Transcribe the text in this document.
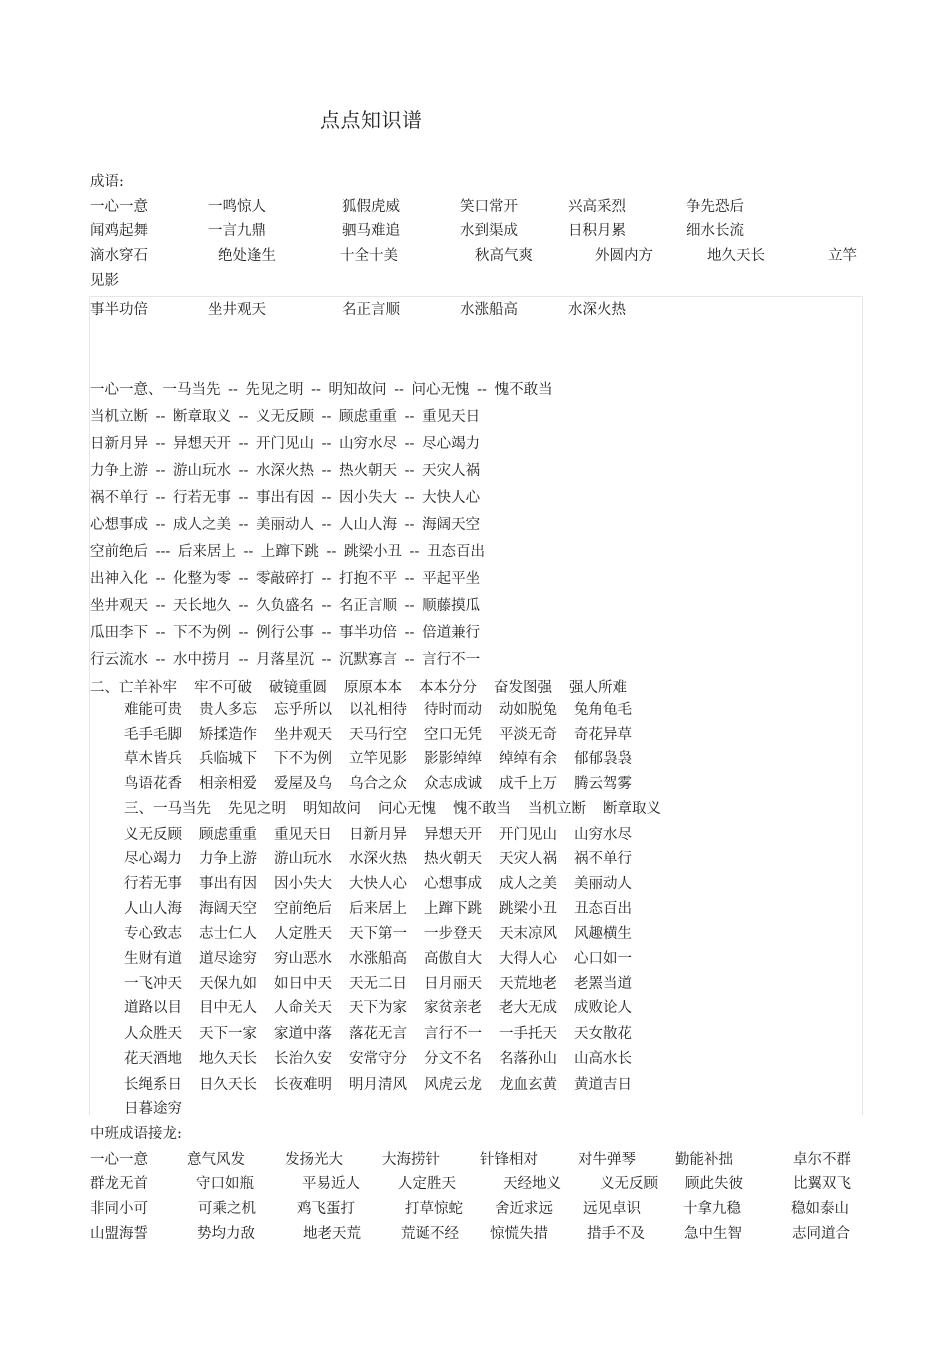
点点知识谱
成语:
一心一意	一鸣惊人	狐假虎威	笑口常开	兴高采烈	争先恐后
闻鸡起舞	一言九鼎	驷马难追	水到渠成	日积月累	细水长流
滴水穿石	绝处逢生	十全十美	秋高气爽	外圆内方	地久天长	立竿
见影
事半功倍	坐井观天	名正言顺	水涨船高	水深火热
一心一意、一马当先 -- 先见之明 -- 明知故问 -- 问心无愧 -- 愧不敢当
当机立断 -- 断章取义 -- 义无反顾 -- 顾虑重重 -- 重见天日
日新月异 -- 异想天开 -- 开门见山 -- 山穷水尽 -- 尽心竭力
力争上游 -- 游山玩水 -- 水深火热 -- 热火朝天 -- 天灾人祸
祸不单行 -- 行若无事 -- 事出有因 -- 因小失大 -- 大快人心
心想事成 -- 成人之美 -- 美丽动人 -- 人山人海 -- 海阔天空
空前绝后 --- 后来居上 -- 上蹿下跳 -- 跳梁小丑 -- 丑态百出
出神入化 -- 化整为零 -- 零敲碎打 -- 打抱不平 -- 平起平坐
坐井观天 -- 天长地久 -- 久负盛名 -- 名正言顺 -- 顺藤摸瓜
瓜田李下 -- 下不为例 -- 例行公事 -- 事半功倍 -- 倍道兼行
行云流水 -- 水中捞月 -- 月落星沉 -- 沉默寡言 -- 言行不一
二、亡羊补牢 牢不可破 破镜重圆 原原本本 本本分分 奋发图强 强人所难
难能可贵 贵人多忘 忘乎所以 以礼相待 待时而动 动如脱兔 兔角龟毛
毛手毛脚 矫揉造作 坐井观天 天马行空 空口无凭 平淡无奇 奇花异草
草木皆兵 兵临城下 下不为例 立竿见影 影影绰绰 绰绰有余 郁郁袅袅
鸟语花香 相亲相爱 爱屋及乌 乌合之众 众志成诚 成千上万 腾云驾雾
三、一马当先 先见之明 明知故问 问心无愧 愧不敢当 当机立断 断章取义
义无反顾 顾虑重重 重见天日 日新月异 异想天开 开门见山 山穷水尽
尽心竭力 力争上游 游山玩水 水深火热 热火朝天 天灾人祸 祸不单行
行若无事 事出有因 因小失大 大快人心 心想事成 成人之美 美丽动人
人山人海 海阔天空 空前绝后 后来居上 上蹿下跳 跳梁小丑 丑态百出
专心致志 志士仁人 人定胜天 天下第一 一步登天 天末凉风 风趣横生
生财有道 道尽途穷 穷山恶水 水涨船高 高傲自大 大得人心 心口如一
一飞冲天 天保九如 如日中天 天无二日 日月丽天 天荒地老 老罴当道
道路以目 目中无人 人命关天 天下为家 家贫亲老 老大无成 成败论人
人众胜天 天下一家 家道中落 落花无言 言行不一 一手托天 天女散花
花天酒地 地久天长 长治久安 安常守分 分文不名 名落孙山 山高水长
长绳系日 日久天长 长夜难明 明月清风 风虎云龙 龙血玄黄 黄道吉日
日暮途穷
中班成语接龙:
一心一意	意气风发	发扬光大	大海捞针	针锋相对	对牛弹琴	勤能补拙	卓尔不群
群龙无首	守口如瓶	平易近人	人定胜天	天经地义	义无反顾 顾此失彼	比翼双飞
非同小可	可乘之机	鸡飞蛋打	打草惊蛇 舍近求远 远见卓识	十拿九稳	稳如泰山
山盟海誓	势均力敌	地老天荒	荒诞不经 惊慌失措	措手不及	急中生智	志同道合
